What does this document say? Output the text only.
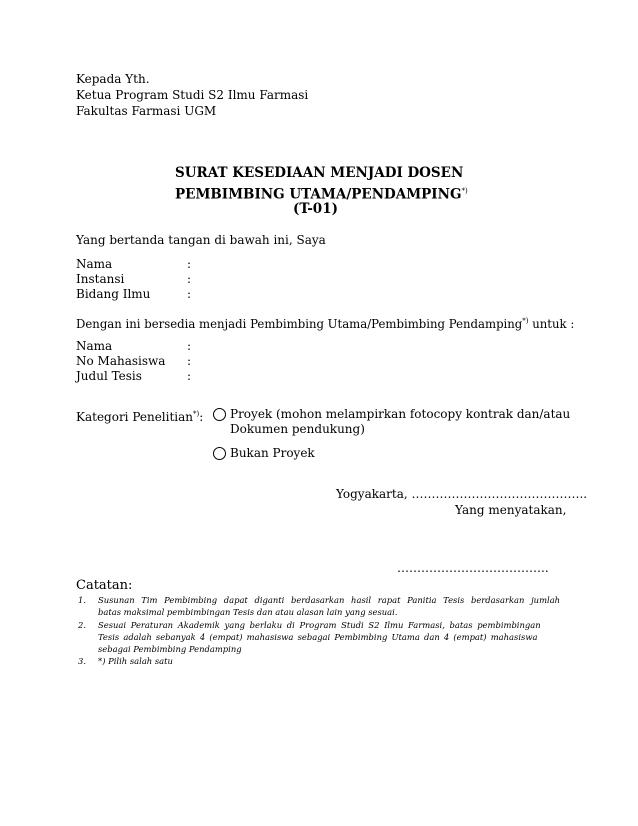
Kepada Yth.
Ketua Program Studi S2 Ilmu Farmasi
Fakultas Farmasi UGM
SURAT KESEDIAAN MENJADI DOSEN
PEMBIMBING UTAMA/PENDAMPING*)
(T-01)
Yang bertanda tangan di bawah ini, Saya
Nama	:
Instansi	:
Bidang Ilmu	:
Dengan ini bersedia menjadi Pembimbing Utama/Pembimbing Pendamping*) untuk :
Nama	:
No Mahasiswa :
Judul Tesis	:
Kategori Penelitian*): Proyek (mohon melampirkan fotocopy kontrak dan/atau
Dokumen pendukung)
Bukan Proyek
Yogyakarta, ……………………………………..
Yang menyatakan,
………………………………..
Catatan:
1. Susunan Tim Pembimbing dapat diganti berdasarkan hasil rapat Panitia Tesis berdasarkan jumlah
batas maksimal pembimbingan Tesis dan atau alasan lain yang sesuai.
2. Sesuai Peraturan Akademik yang berlaku di Program Studi S2 Ilmu Farmasi, batas pembimbingan
Tesis adalah sebanyak 4 (empat) mahasiswa sebagai Pembimbing Utama dan 4 (empat) mahasiswa
sebagai Pembimbing Pendamping
3. *) Pilih salah satu
